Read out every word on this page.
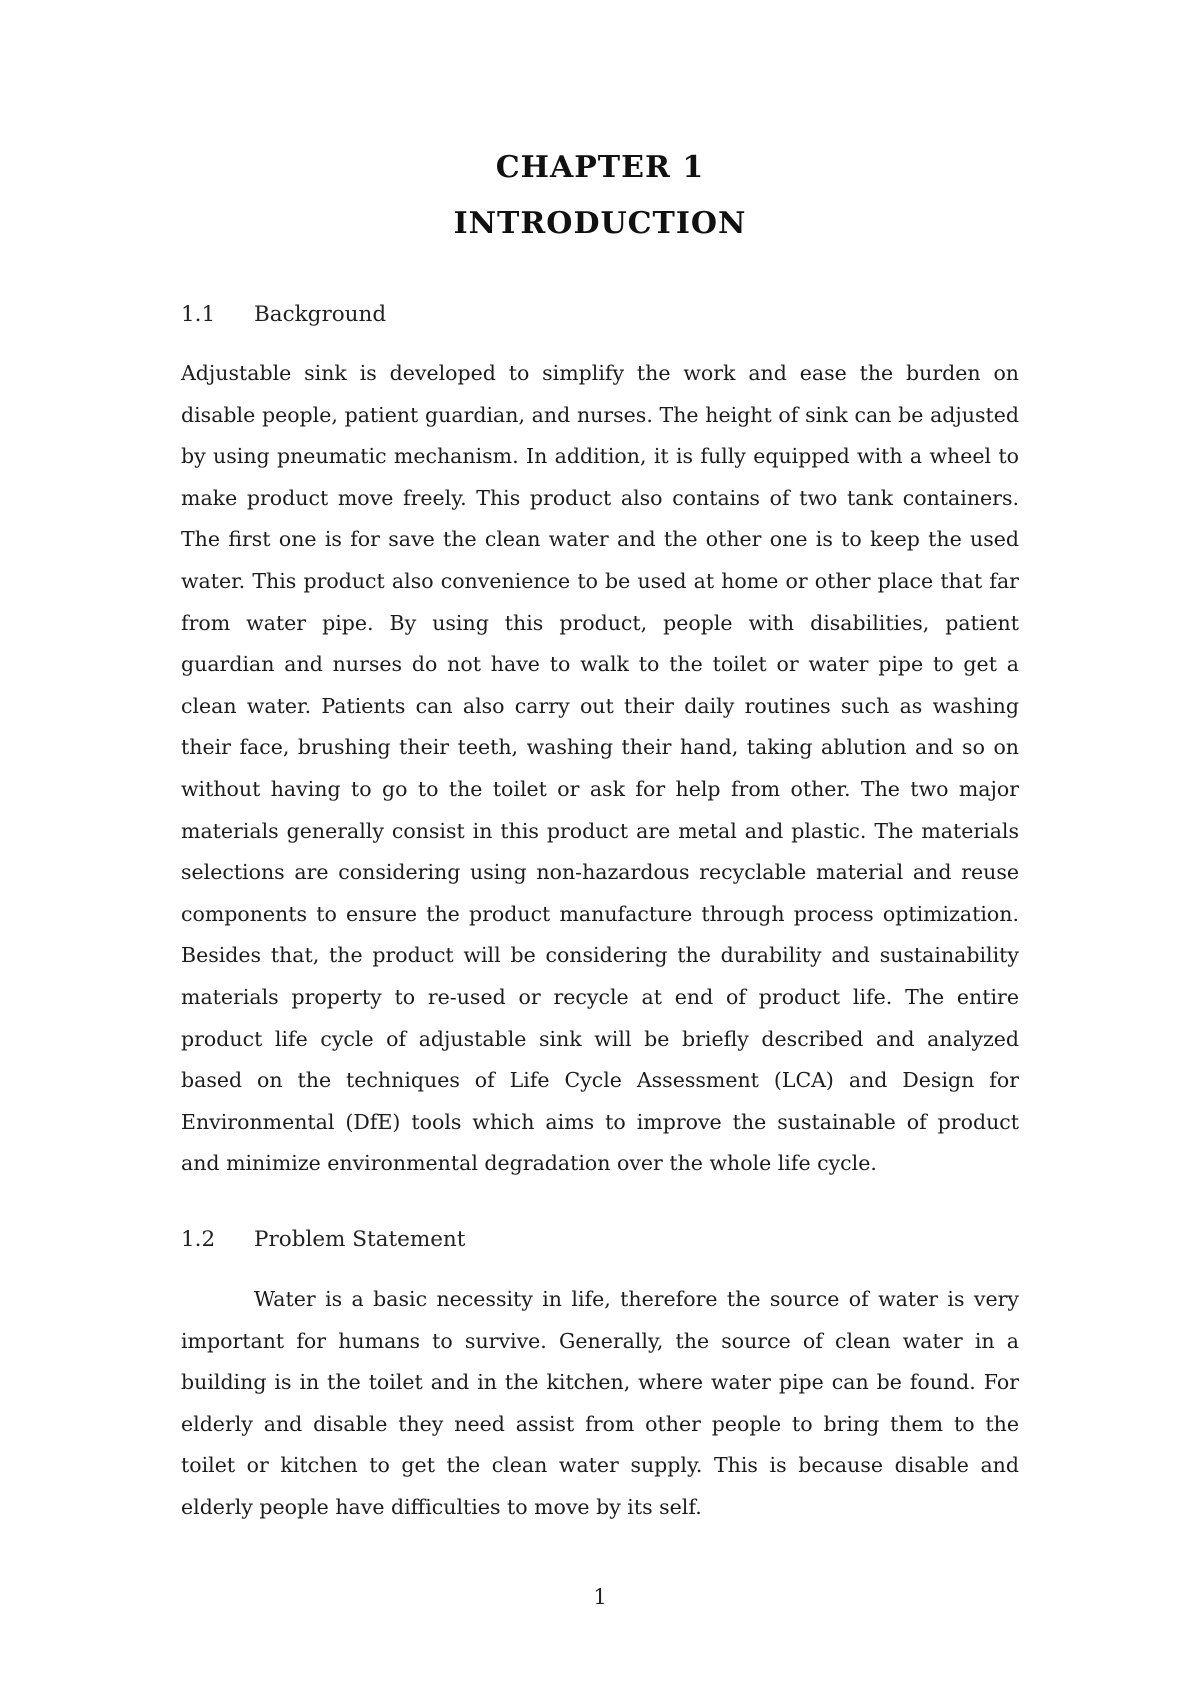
CHAPTER 1
INTRODUCTION
1.1 Background

Adjustable sink is developed to simplify the work and ease the burden on disable people, patient guardian, and nurses. The height of sink can be adjusted by using pneumatic mechanism. In addition, it is fully equipped with a wheel to make product move freely. This product also contains of two tank containers. The first one is for save the clean water and the other one is to keep the used water. This product also convenience to be used at home or other place that far from water pipe. By using this product, people with disabilities, patient guardian and nurses do not have to walk to the toilet or water pipe to get a clean water. Patients can also carry out their daily routines such as washing their face, brushing their teeth, washing their hand, taking ablution and so on without having to go to the toilet or ask for help from other. The two major materials generally consist in this product are metal and plastic. The materials selections are considering using non-hazardous recyclable material and reuse components to ensure the product manufacture through process optimization. Besides that, the product will be considering the durability and sustainability materials property to re-used or recycle at end of product life. The entire product life cycle of adjustable sink will be briefly described and analyzed based on the techniques of Life Cycle Assessment (LCA) and Design for Environmental (DfE) tools which aims to improve the sustainable of product and minimize environmental degradation over the whole life cycle.

1.2 Problem Statement

Water is a basic necessity in life, therefore the source of water is very important for humans to survive. Generally, the source of clean water in a building is in the toilet and in the kitchen, where water pipe can be found. For elderly and disable they need assist from other people to bring them to the toilet or kitchen to get the clean water supply. This is because disable and elderly people have difficulties to move by its self.

1
